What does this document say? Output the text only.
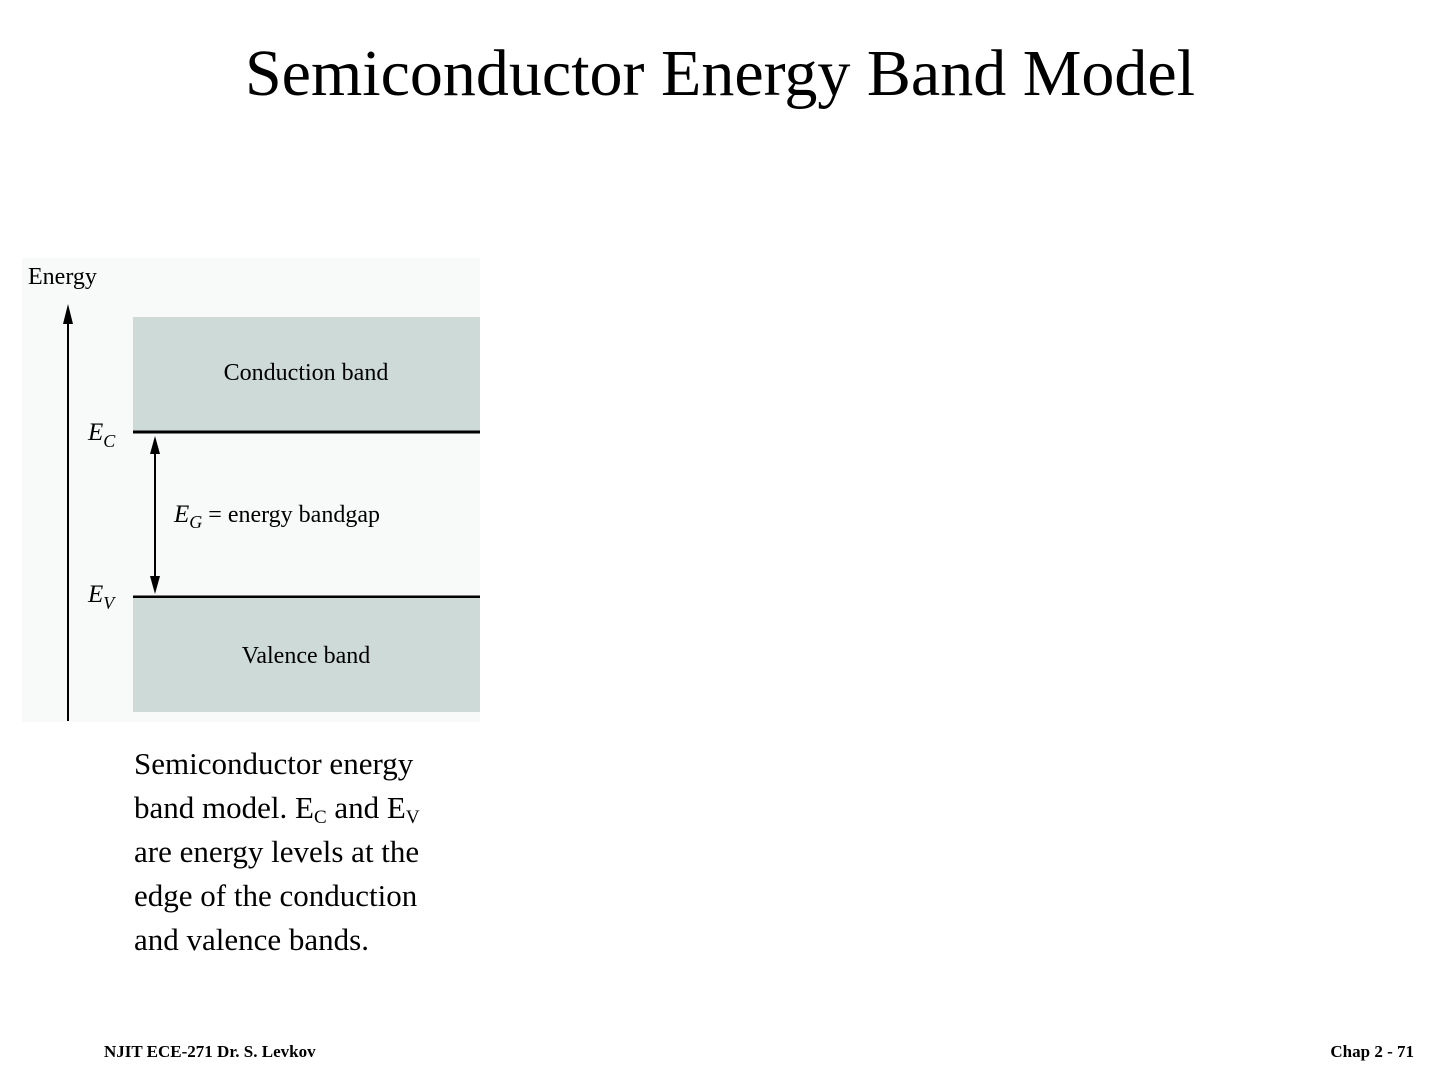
Semiconductor Energy Band Model
Energy
Conduction band
$E_C$
$E_G$ = energy bandgap
$E_V$
Valence band
Semiconductor energy
band model. $E_C$ and $E_V$
are energy levels at the
edge of the conduction
and valence bands.
NJIT ECE-271 Dr. S. Levkov	Chap 2 - 71
